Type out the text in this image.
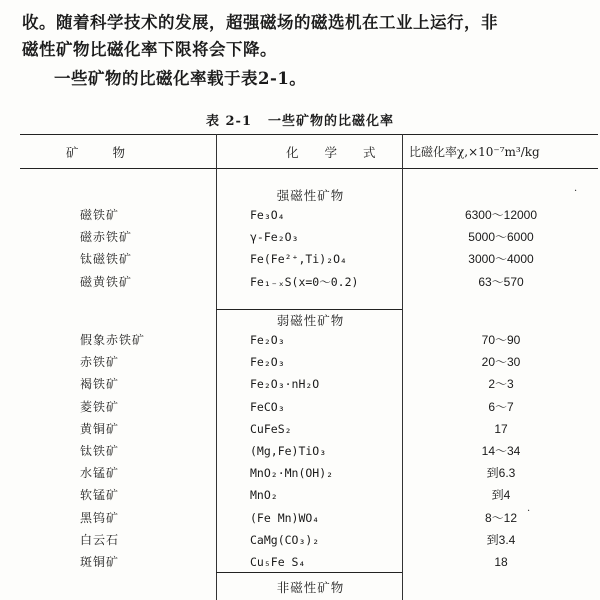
收。随着科学技术的发展，超强磁场的磁选机在工业上运行，非
磁性矿物比磁化率下限将会下降。
一些矿物的比磁化率载于表2-1。
表 2-1 一些矿物的比磁化率
矿物	化学式 比磁化率χ,×10⁻⁷m³/kg
强磁性矿物
磁铁矿	Fe₃O₄	6300～12000
磁赤铁矿	γ-Fe₂O₃	5000～6000
钛磁铁矿	Fe(Fe²⁺,Ti)₂O₄	3000～4000
磁黄铁矿	Fe₁₋ₓS(x=0～0.2)	63～570
弱磁性矿物
假象赤铁矿	Fe₂O₃	70～90
赤铁矿	Fe₂O₃	20～30
褐铁矿	Fe₂O₃·nH₂O	2～3
菱铁矿	FeCO₃	6～7
黄铜矿	CuFeS₂	17
钛铁矿	(Mg,Fe)TiO₃	14～34
水锰矿	MnO₂·Mn(OH)₂	到6.3
软锰矿	MnO₂	到4
黑钨矿	(Fe Mn)WO₄	8～12
白云石	CaMg(CO₃)₂	到3.4
斑铜矿	Cu₅Fe S₄	18
非磁性矿物
·
·
